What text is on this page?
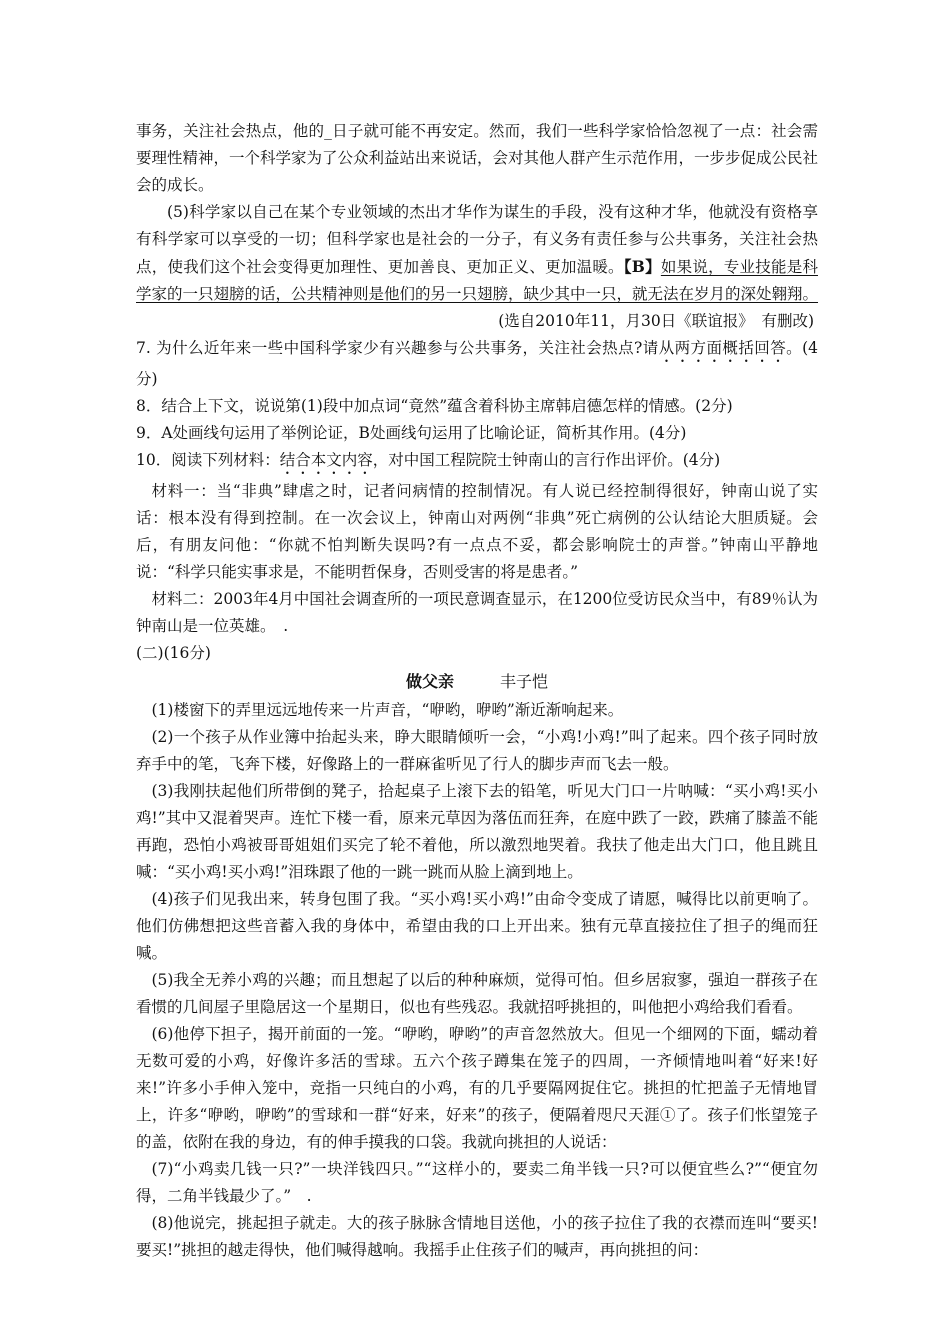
事务，关注社会热点，他的_日子就可能不再安定。然而，我们一些科学家恰恰忽视了一点：社会需要理性精神，一个科学家为了公众利益站出来说话，会对其他人群产生示范作用，一步步促成公民社会的成长。

(5)科学家以自己在某个专业领域的杰出才华作为谋生的手段，没有这种才华，他就没有资格享有科学家可以享受的一切；但科学家也是社会的一分子，有义务有责任参与公共事务，关注社会热点，使我们这个社会变得更加理性、更加善良、更加正义、更加温暖。【B】如果说，专业技能是科学家的一只翅膀的话，公共精神则是他们的另一只翅膀，缺少其中一只，就无法在岁月的深处翱翔。

(选自2010年11，月30日《联谊报》　有删改)

7. 为什么近年来一些中国科学家少有兴趣参与公共事务，关注社会热点?请从两方面概括回答。(4分)

8．结合上下文，说说第(1)段中加点词“竟然”蕴含着科协主席韩启德怎样的情感。(2分)

9．A处画线句运用了举例论证，B处画线句运用了比喻论证，简析其作用。(4分)

10．阅读下列材料：结合本文内容，对中国工程院院士钟南山的言行作出评价。(4分)

材料一：当“非典”肆虐之时，记者问病情的控制情况。有人说已经控制得很好，钟南山说了实话：根本没有得到控制。在一次会议上，钟南山对两例“非典”死亡病例的公认结论大胆质疑。会后，有朋友问他：“你就不怕判断失误吗?有一点点不妥，都会影响院士的声誉。”钟南山平静地说：“科学只能实事求是，不能明哲保身，否则受害的将是患者。”

材料二：2003年4月中国社会调查所的一项民意调查显示，在1200位受访民众当中，有89％认为钟南山是一位英雄。　.

(二)(16分)

做父亲	丰子恺

(1)楼窗下的弄里远远地传来一片声音，“咿哟，咿哟”渐近渐响起来。

(2)一个孩子从作业簿中抬起头来，睁大眼睛倾听一会，“小鸡!小鸡!”叫了起来。四个孩子同时放弃手中的笔，飞奔下楼，好像路上的一群麻雀听见了行人的脚步声而飞去一般。

(3)我刚扶起他们所带倒的凳子，拾起桌子上滚下去的铅笔，听见大门口一片呐喊：“买小鸡!买小鸡!”其中又混着哭声。连忙下楼一看，原来元草因为落伍而狂奔，在庭中跌了一跤，跌痛了膝盖不能再跑，恐怕小鸡被哥哥姐姐们买完了轮不着他，所以激烈地哭着。我扶了他走出大门口，他且跳且喊：“买小鸡!买小鸡!”泪珠跟了他的一跳一跳而从脸上滴到地上。

(4)孩子们见我出来，转身包围了我。“买小鸡!买小鸡!”由命令变成了请愿，喊得比以前更响了。他们仿佛想把这些音蓄入我的身体中，希望由我的口上开出来。独有元草直接拉住了担子的绳而狂喊。

(5)我全无养小鸡的兴趣；而且想起了以后的种种麻烦，觉得可怕。但乡居寂寥，强迫一群孩子在看惯的几间屋子里隐居这一个星期日，似也有些残忍。我就招呼挑担的，叫他把小鸡给我们看看。

(6)他停下担子，揭开前面的一笼。“咿哟，咿哟”的声音忽然放大。但见一个细网的下面，蠕动着无数可爱的小鸡，好像许多活的雪球。五六个孩子蹲集在笼子的四周，一齐倾情地叫着“好来!好来!”许多小手伸入笼中，竞指一只纯白的小鸡，有的几乎要隔网捉住它。挑担的忙把盖子无情地冒上，许多“咿哟，咿哟”的雪球和一群“好来，好来”的孩子，便隔着咫尺天涯①了。孩子们怅望笼子的盖，依附在我的身边，有的伸手摸我的口袋。我就向挑担的人说话：

(7)“小鸡卖几钱一只?”一块洋钱四只。”“这样小的，要卖二角半钱一只?可以便宜些么?”“便宜勿得，二角半钱最少了。”　.

(8)他说完，挑起担子就走。大的孩子脉脉含情地目送他，小的孩子拉住了我的衣襟而连叫“要买!要买!”挑担的越走得快，他们喊得越响。我摇手止住孩子们的喊声，再向挑担的问：
